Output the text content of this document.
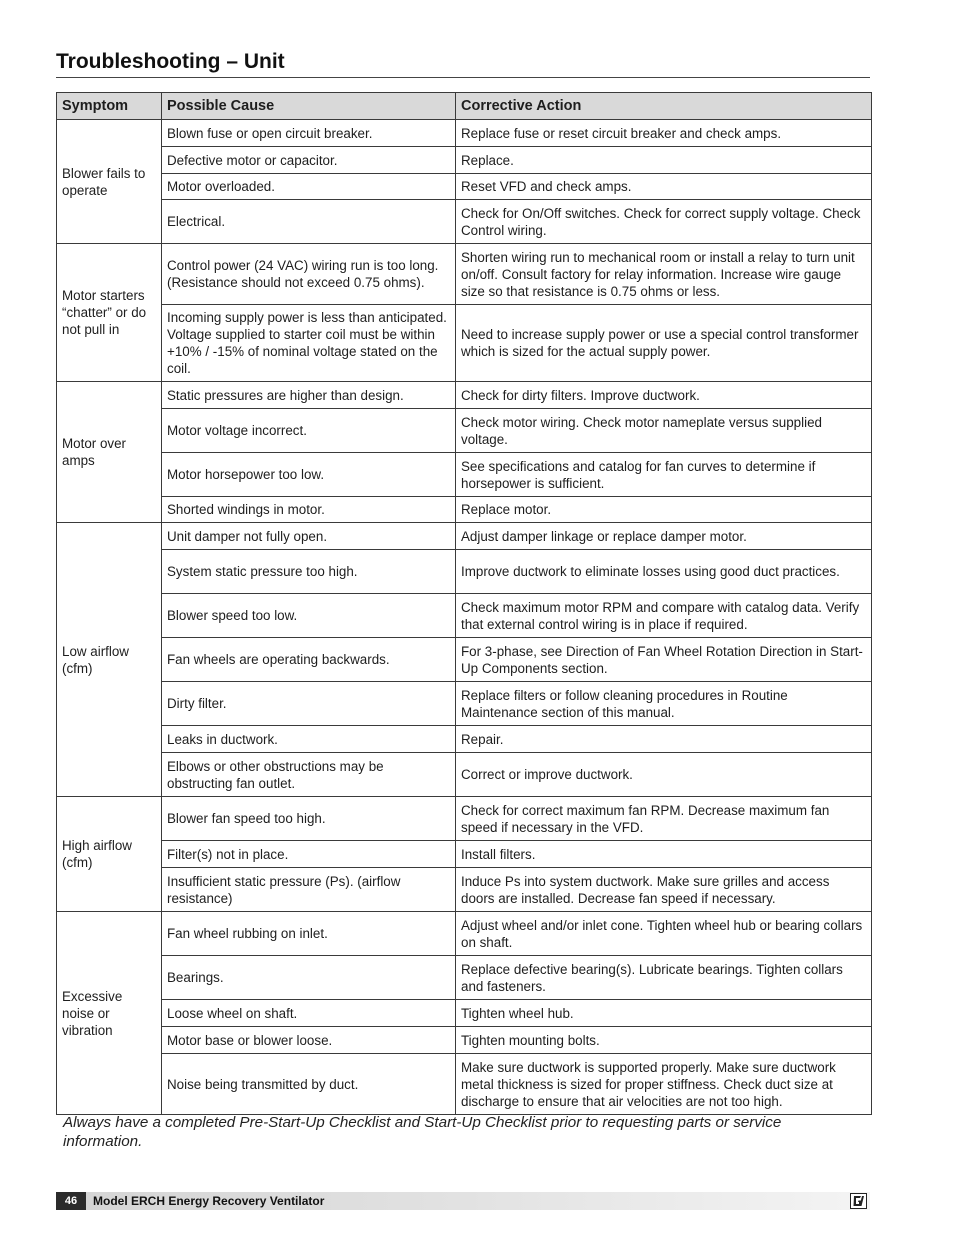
Troubleshooting – Unit
Symptom	Possible Cause	Corrective Action
Blower fails to operate	Blown fuse or open circuit breaker.	Replace fuse or reset circuit breaker and check amps.
	Defective motor or capacitor.	Replace.
	Motor overloaded.	Reset VFD and check amps.
	Electrical.	Check for On/Off switches. Check for correct supply voltage. Check Control wiring.
Motor starters “chatter” or do not pull in	Control power (24 VAC) wiring run is too long. (Resistance should not exceed 0.75 ohms).	Shorten wiring run to mechanical room or install a relay to turn unit on/off. Consult factory for relay information. Increase wire gauge size so that resistance is 0.75 ohms or less.
	Incoming supply power is less than anticipated. Voltage supplied to starter coil must be within +10% / -15% of nominal voltage stated on the coil.	Need to increase supply power or use a special control transformer which is sized for the actual supply power.
Motor over amps	Static pressures are higher than design.	Check for dirty filters. Improve ductwork.
	Motor voltage incorrect.	Check motor wiring. Check motor nameplate versus supplied voltage.
	Motor horsepower too low.	See specifications and catalog for fan curves to determine if horsepower is sufficient.
	Shorted windings in motor.	Replace motor.
Low airflow (cfm)	Unit damper not fully open.	Adjust damper linkage or replace damper motor.
	System static pressure too high.	Improve ductwork to eliminate losses using good duct practices.
	Blower speed too low.	Check maximum motor RPM and compare with catalog data. Verify that external control wiring is in place if required.
	Fan wheels are operating backwards.	For 3-phase, see Direction of Fan Wheel Rotation Direction in Start-Up Components section.
	Dirty filter.	Replace filters or follow cleaning procedures in Routine Maintenance section of this manual.
	Leaks in ductwork.	Repair.
	Elbows or other obstructions may be obstructing fan outlet.	Correct or improve ductwork.
High airflow (cfm)	Blower fan speed too high.	Check for correct maximum fan RPM. Decrease maximum fan speed if necessary in the VFD.
	Filter(s) not in place.	Install filters.
	Insufficient static pressure (Ps). (airflow resistance)	Induce Ps into system ductwork. Make sure grilles and access doors are installed. Decrease fan speed if necessary.
Excessive noise or vibration	Fan wheel rubbing on inlet.	Adjust wheel and/or inlet cone. Tighten wheel hub or bearing collars on shaft.
	Bearings.	Replace defective bearing(s). Lubricate bearings. Tighten collars and fasteners.
	Loose wheel on shaft.	Tighten wheel hub.
	Motor base or blower loose.	Tighten mounting bolts.
	Noise being transmitted by duct.	Make sure ductwork is supported properly. Make sure ductwork metal thickness is sized for proper stiffness. Check duct size at discharge to ensure that air velocities are not too high.
Always have a completed Pre-Start-Up Checklist and Start-Up Checklist prior to requesting parts or service information.
46	Model ERCH Energy Recovery Ventilator
